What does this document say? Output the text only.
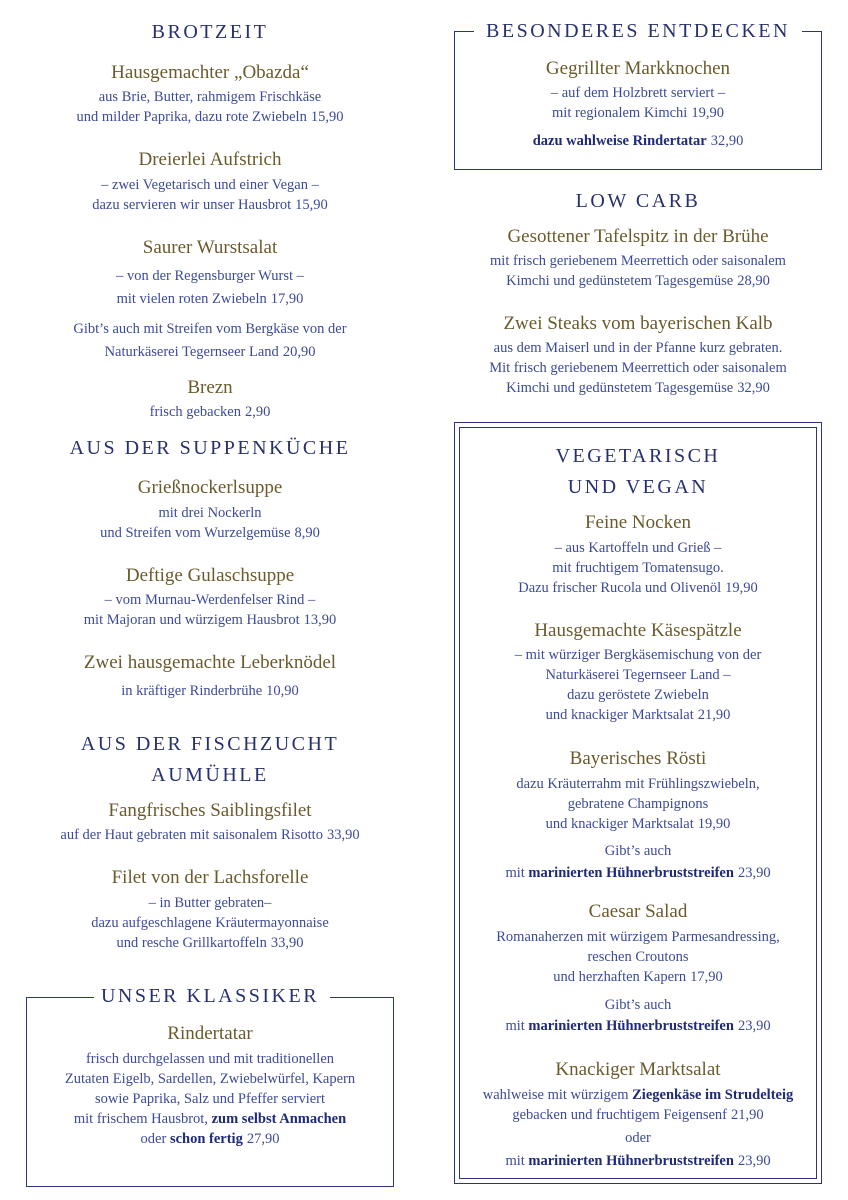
BROTZEIT
Hausgemachter „Obazda“
aus Brie, Butter, rahmigem Frischkäse
und milder Paprika, dazu rote Zwiebeln 15,90
Dreierlei Aufstrich
– zwei Vegetarisch und einer Vegan –
dazu servieren wir unser Hausbrot 15,90
Saurer Wurstsalat
– von der Regensburger Wurst –
mit vielen roten Zwiebeln 17,90
Gibt’s auch mit Streifen vom Bergkäse von der
Naturkäserei Tegernseer Land 20,90
Brezn
frisch gebacken 2,90
AUS DER SUPPENKÜCHE
Grießnockerlsuppe
mit drei Nockerln
und Streifen vom Wurzelgemüse 8,90
Deftige Gulaschsuppe
– vom Murnau-Werdenfelser Rind –
mit Majoran und würzigem Hausbrot 13,90
Zwei hausgemachte Leberknödel
in kräftiger Rinderbrühe 10,90
AUS DER FISCHZUCHT
AUMÜHLE
Fangfrisches Saiblingsfilet
auf der Haut gebraten mit saisonalem Risotto 33,90
Filet von der Lachsforelle
– in Butter gebraten–
dazu aufgeschlagene Kräutermayonnaise
und resche Grillkartoffeln 33,90
UNSER KLASSIKER
Rindertatar
frisch durchgelassen und mit traditionellen
Zutaten Eigelb, Sardellen, Zwiebelwürfel, Kapern
sowie Paprika, Salz und Pfeffer serviert
mit frischem Hausbrot, zum selbst Anmachen
oder schon fertig 27,90
BESONDERES ENTDECKEN
Gegrillter Markknochen
– auf dem Holzbrett serviert –
mit regionalem Kimchi 19,90
dazu wahlweise Rindertatar 32,90
LOW CARB
Gesottener Tafelspitz in der Brühe
mit frisch geriebenem Meerrettich oder saisonalem
Kimchi und gedünstetem Tagesgemüse 28,90
Zwei Steaks vom bayerischen Kalb
aus dem Maiserl und in der Pfanne kurz gebraten.
Mit frisch geriebenem Meerrettich oder saisonalem
Kimchi und gedünstetem Tagesgemüse 32,90
VEGETARISCH
UND VEGAN
Feine Nocken
– aus Kartoffeln und Grieß –
mit fruchtigem Tomatensugo.
Dazu frischer Rucola und Olivenöl 19,90
Hausgemachte Käsespätzle
– mit würziger Bergkäsemischung von der
Naturkäserei Tegernseer Land –
dazu geröstete Zwiebeln
und knackiger Marktsalat 21,90
Bayerisches Rösti
dazu Kräuterrahm mit Frühlingszwiebeln,
gebratene Champignons
und knackiger Marktsalat 19,90
Gibt’s auch
mit marinierten Hühnerbruststreifen 23,90
Caesar Salad
Romanaherzen mit würzigem Parmesandressing,
reschen Croutons
und herzhaften Kapern 17,90
Gibt’s auch
mit marinierten Hühnerbruststreifen 23,90
Knackiger Marktsalat
wahlweise mit würzigem Ziegenkäse im Strudelteig
gebacken und fruchtigem Feigensenf 21,90
oder
mit marinierten Hühnerbruststreifen 23,90
